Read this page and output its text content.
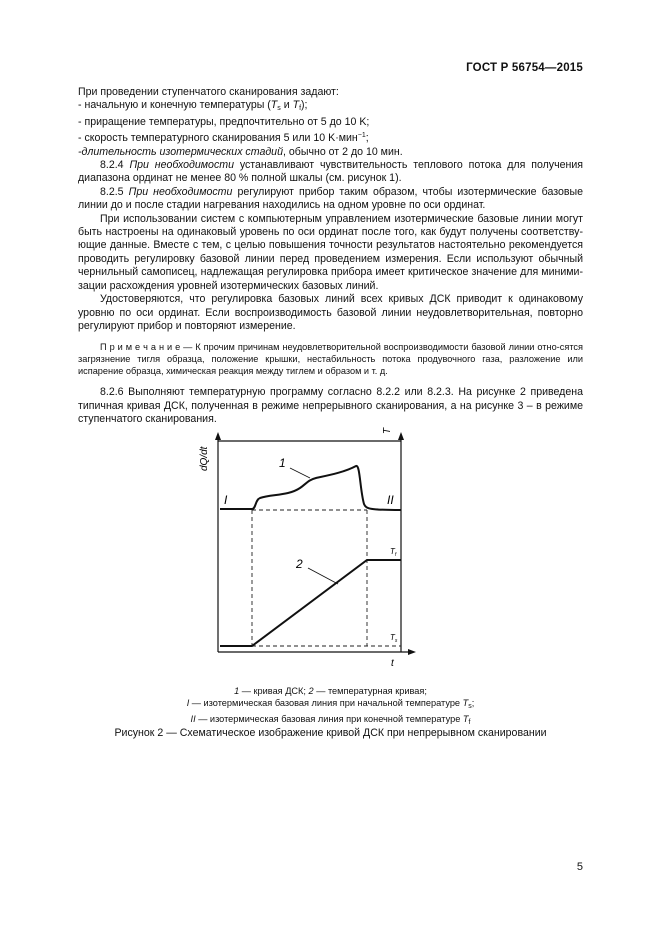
ГОСТ Р 56754—2015

При проведении ступенчатого сканирования задают:

- начальную и конечную температуры ($T_s$ и $T_f$);

- приращение температуры, предпочтительно от 5 до 10 K;

- скорость температурного сканирования 5 или 10 K·мин$^{-1}$;

-длительность изотермических стадий, обычно от 2 до 10 мин.

8.2.4 При необходимости устанавливают чувствительность теплового потока для получения диапазона ординат не менее 80 % полной шкалы (см. рисунок 1).

8.2.5 При необходимости регулируют прибор таким образом, чтобы изотермические базовые линии до и после стадии нагревания находились на одном уровне по оси ординат.

При использовании систем с компьютерным управлением изотермические базовые линии могут быть настроены на одинаковый уровень по оси ординат после того, как будут получены соответству-ющие данные. Вместе с тем, с целью повышения точности результатов настоятельно рекомендуется проводить регулировку базовой линии перед проведением измерения. Если используют обычный чернильный самописец, надлежащая регулировка прибора имеет критическое значение для миними-зации расхождения уровней изотермических базовых линий.

Удостоверяются, что регулировка базовых линий всех кривых ДСК приводит к одинаковому уровню по оси ординат. Если воспроизводимость базовой линии неудовлетворительная, повторно регулируют прибор и повторяют измерение.

П р и м е ч а н и е — К прочим причинам неудовлетворительной воспроизводимости базовой линии отно-сятся загрязнение тигля образца, положение крышки, нестабильность потока продувочного газа, разложение или испарение образца, химическая реакция между тиглем и образом и т. д.

8.2.6 Выполняют температурную программу согласно 8.2.2 или 8.2.3. На рисунке 2 приведена типичная кривая ДСК, полученная в режиме непрерывного сканирования, а на рисунке 3 – в режиме ступенчатого сканирования.

dQ/dt
T
t
1
2
I	II
$T_f$
$T_s$

1 — кривая ДСК; 2 — температурная кривая;

I — изотермическая базовая линия при начальной температуре $T_s$;

II — изотермическая базовая линия при конечной температуре $T_f$

Рисунок 2 — Схематическое изображение кривой ДСК при непрерывном сканировании
5
